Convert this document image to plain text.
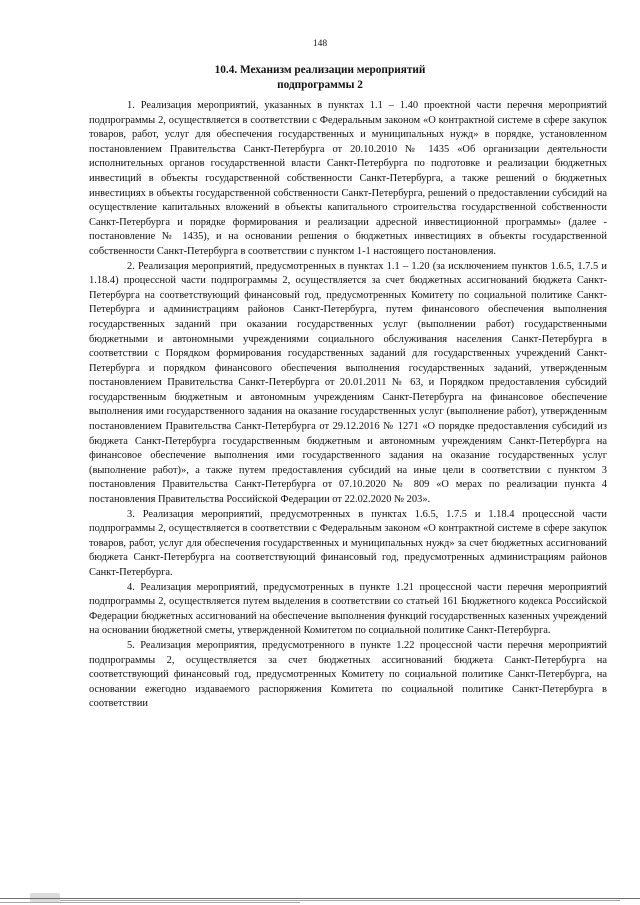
148
10.4. Механизм реализации мероприятий
подпрограммы 2

1. Реализация мероприятий, указанных в пунктах 1.1 – 1.40 проектной части перечня мероприятий подпрограммы 2, осуществляется в соответствии с Федеральным законом «О контрактной системе в сфере закупок товаров, работ, услуг для обеспечения государственных и муниципальных нужд» в порядке, установленном постановлением Правительства Санкт-Петербурга от 20.10.2010 № 1435 «Об организации деятельности исполнительных органов государственной власти Санкт-Петербурга по подготовке и реализации бюджетных инвестиций в объекты государственной собственности Санкт-Петербурга, а также решений о бюджетных инвестициях в объекты государственной собственности Санкт-Петербурга, решений о предоставлении субсидий на осуществление капитальных вложений в объекты капитального строительства государственной собственности Санкт-Петербурга и порядке формирования и реализации адресной инвестиционной программы» (далее - постановление № 1435), и на основании решения о бюджетных инвестициях в объекты государственной собственности Санкт-Петербурга в соответствии с пунктом 1-1 настоящего постановления.

2. Реализация мероприятий, предусмотренных в пунктах 1.1 – 1.20 (за исключением пунктов 1.6.5, 1.7.5 и 1.18.4) процессной части подпрограммы 2, осуществляется за счет бюджетных ассигнований бюджета Санкт-Петербурга на соответствующий финансовый год, предусмотренных Комитету по социальной политике Санкт-Петербурга и администрациям районов Санкт-Петербурга, путем финансового обеспечения выполнения государственных заданий при оказании государственных услуг (выполнении работ) государственными бюджетными и автономными учреждениями социального обслуживания населения Санкт-Петербурга в соответствии с Порядком формирования государственных заданий для государственных учреждений Санкт-Петербурга и порядком финансового обеспечения выполнения государственных заданий, утвержденным постановлением Правительства Санкт-Петербурга от 20.01.2011 № 63, и Порядком предоставления субсидий государственным бюджетным и автономным учреждениям Санкт-Петербурга на финансовое обеспечение выполнения ими государственного задания на оказание государственных услуг (выполнение работ), утвержденным постановлением Правительства Санкт-Петербурга от 29.12.2016 № 1271 «О порядке предоставления субсидий из бюджета Санкт-Петербурга государственным бюджетным и автономным учреждениям Санкт-Петербурга на финансовое обеспечение выполнения ими государственного задания на оказание государственных услуг (выполнение работ)», а также путем предоставления субсидий на иные цели в соответствии с пунктом 3 постановления Правительства Санкт-Петербурга от 07.10.2020 № 809 «О мерах по реализации пункта 4 постановления Правительства Российской Федерации от 22.02.2020 № 203».

3. Реализация мероприятий, предусмотренных в пунктах 1.6.5, 1.7.5 и 1.18.4 процессной части подпрограммы 2, осуществляется в соответствии с Федеральным законом «О контрактной системе в сфере закупок товаров, работ, услуг для обеспечения государственных и муниципальных нужд» за счет бюджетных ассигнований бюджета Санкт-Петербурга на соответствующий финансовый год, предусмотренных администрациям районов Санкт-Петербурга.

4. Реализация мероприятий, предусмотренных в пункте 1.21 процессной части перечня мероприятий подпрограммы 2, осуществляется путем выделения в соответствии со статьей 161 Бюджетного кодекса Российской Федерации бюджетных ассигнований на обеспечение выполнения функций государственных казенных учреждений на основании бюджетной сметы, утвержденной Комитетом по социальной политике Санкт-Петербурга.

5. Реализация мероприятия, предусмотренного в пункте 1.22 процессной части перечня мероприятий подпрограммы 2, осуществляется за счет бюджетных ассигнований бюджета Санкт-Петербурга на соответствующий финансовый год, предусмотренных Комитету по социальной политике Санкт-Петербурга, на основании ежегодно издаваемого распоряжения Комитета по социальной политике Санкт-Петербурга в соответствии
